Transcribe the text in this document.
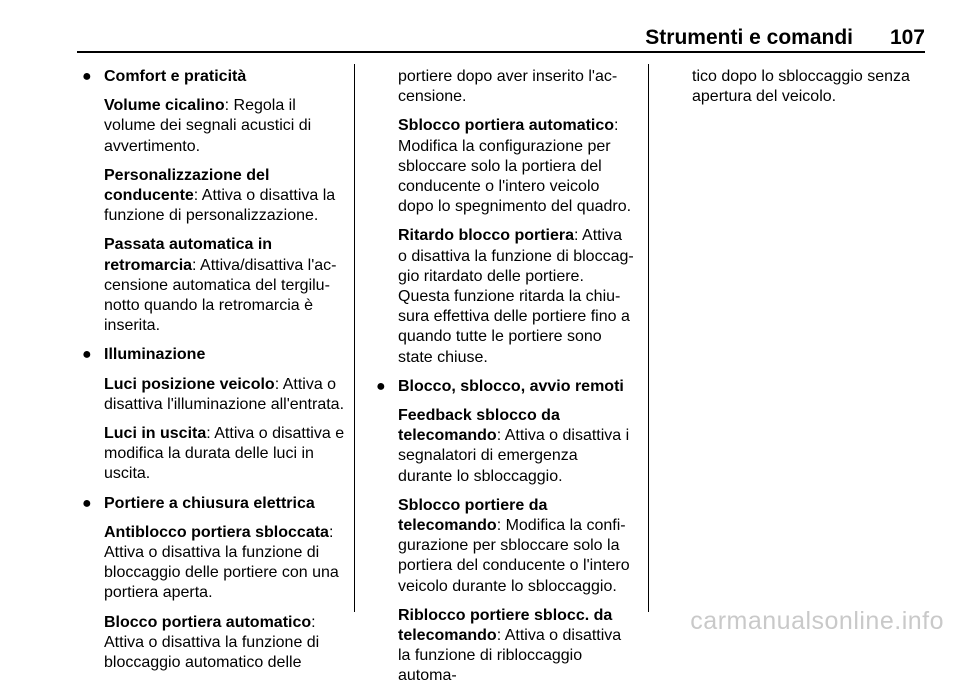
Strumenti e comandi 107
● Comfort e praticità
Volume cicalino: Regola il volume dei segnali acustici di avvertimento.
Personalizzazione del conducente: Attiva o disattiva la funzione di personalizzazione.
Passata automatica in retromarcia: Attiva/disattiva l'accensione automatica del tergilunotto quando la retromarcia è inserita.
● Illuminazione
Luci posizione veicolo: Attiva o disattiva l'illuminazione all'entrata.
Luci in uscita: Attiva o disattiva e modifica la durata delle luci in uscita.
● Portiere a chiusura elettrica
Antiblocco portiera sbloccata: Attiva o disattiva la funzione di bloccaggio delle portiere con una portiera aperta.
Blocco portiera automatico: Attiva o disattiva la funzione di bloccaggio automatico delle
portiere dopo aver inserito l'accensione.
Sblocco portiera automatico: Modifica la configurazione per sbloccare solo la portiera del conducente o l'intero veicolo dopo lo spegnimento del quadro.
Ritardo blocco portiera: Attiva o disattiva la funzione di bloccaggio ritardato delle portiere. Questa funzione ritarda la chiusura effettiva delle portiere fino a quando tutte le portiere sono state chiuse.
● Blocco, sblocco, avvio remoti
Feedback sblocco da telecomando: Attiva o disattiva i segnalatori di emergenza durante lo sbloccaggio.
Sblocco portiere da telecomando: Modifica la configurazione per sbloccare solo la portiera del conducente o l'intero veicolo durante lo sbloccaggio.
Riblocco portiere sblocc. da telecomando: Attiva o disattiva la funzione di ribloccaggio automa-
tico dopo lo sbloccaggio senza apertura del veicolo.
carmanualsonline.info
